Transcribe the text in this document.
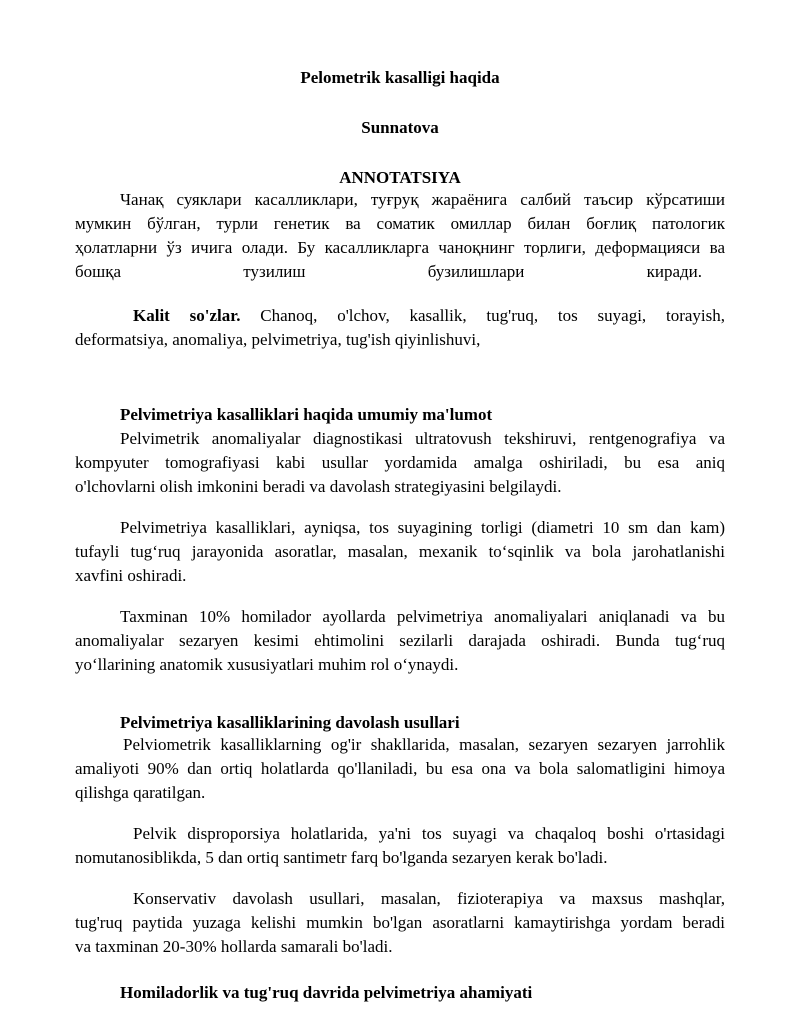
Pelometrik kasalligi haqida
Sunnatova
ANNOTATSIYA
Чанақ суяклари касалликлари, туғруқ жараёнига салбий таъсир кўрсатиши
мумкин бўлган, турли генетик ва соматик омиллар билан боғлиқ патологик
ҳолатларни ўз ичига олади. Бу касалликларга чаноқнинг торлиги, деформацияси ва
бошқа тузилиш бузилишлари киради.
Kalit so'zlar. Chanoq, o'lchov, kasallik, tug'ruq, tos suyagi, torayish,
deformatsiya, anomaliya, pelvimetriya, tug'ish qiyinlishuvi,
Pelvimetriya kasalliklari haqida umumiy ma'lumot
Pelvimetrik anomaliyalar diagnostikasi ultratovush tekshiruvi, rentgenografiya va
kompyuter tomografiyasi kabi usullar yordamida amalga oshiriladi, bu esa aniq
o'lchovlarni olish imkonini beradi va davolash strategiyasini belgilaydi.
Pelvimetriya kasalliklari, ayniqsa, tos suyagining torligi (diametri 10 sm dan kam)
tufayli tug‘ruq jarayonida asoratlar, masalan, mexanik to‘sqinlik va bola jarohatlanishi
xavfini oshiradi.
Taxminan 10% homilador ayollarda pelvimetriya anomaliyalari aniqlanadi va bu
anomaliyalar sezaryen kesimi ehtimolini sezilarli darajada oshiradi. Bunda tug‘ruq
yo‘llarining anatomik xususiyatlari muhim rol o‘ynaydi.
Pelvimetriya kasalliklarining davolash usullari
Pelviometrik kasalliklarning og'ir shakllarida, masalan, sezaryen sezaryen jarrohlik
amaliyoti 90% dan ortiq holatlarda qo'llaniladi, bu esa ona va bola salomatligini himoya
qilishga qaratilgan.
Pelvik disproporsiya holatlarida, ya'ni tos suyagi va chaqaloq boshi o'rtasidagi
nomutanosiblikda, 5 dan ortiq santimetr farq bo'lganda sezaryen kerak bo'ladi.
Konservativ davolash usullari, masalan, fizioterapiya va maxsus mashqlar,
tug'ruq paytida yuzaga kelishi mumkin bo'lgan asoratlarni kamaytirishga yordam beradi
va taxminan 20-30% hollarda samarali bo'ladi.
Homiladorlik va tug'ruq davrida pelvimetriya ahamiyati
